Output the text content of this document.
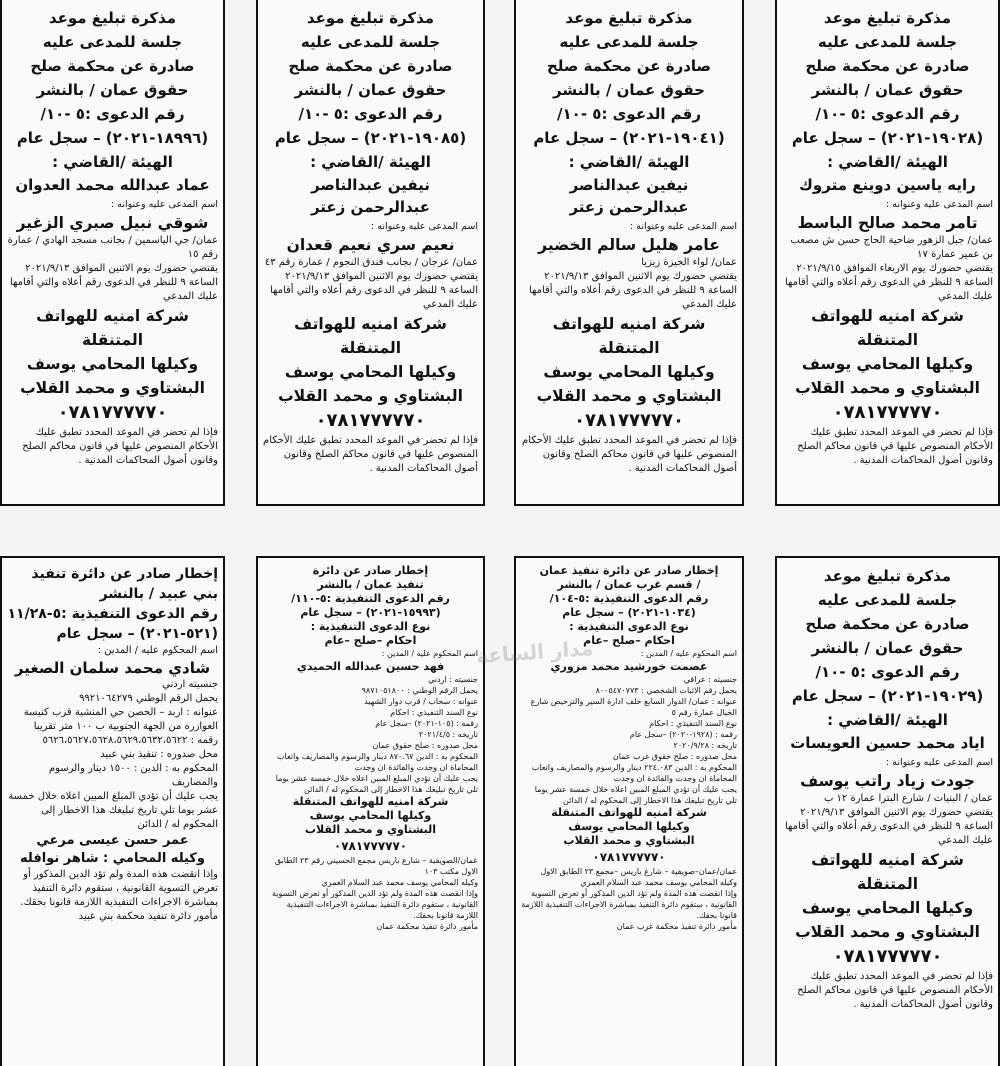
مذكرة تبليغ موعد
جلسة للمدعى عليه
صادرة عن محكمة صلح
حقوق عمان / بالنشر
رقم الدعوى :٥ -١٠/
(١٩٠٢٨-٢٠٢١) – سجل عام
الهيئة /القاضي :
رايه ياسين دوينع متروك
اسم المدعى عليه وعنوانه :
تامر محمد صالح الباسط
عمان/ جبل الزهور ضاحية الحاج حسن ش مصعب بن عمير عمارة ١٧
يقتضي حضورك يوم الاربعاء الموافق ٢٠٢١/٩/١٥ الساعة ٩ للنظر في الدعوى رقم أعلاه والتي أقامها عليك المدعي
شركة امنيه للهواتف المتنقلة
وكيلها المحامي يوسف
البشتاوي و محمد القلاب
٠٧٨١٧٧٧٧٧٠
فإذا لم تحضر في الموعد المحدد تطبق عليك الأحكام المنصوص عليها في قانون محاكم الصلح وقانون أصول المحاكمات المدنية .
مذكرة تبليغ موعد
جلسة للمدعى عليه
صادرة عن محكمة صلح
حقوق عمان / بالنشر
رقم الدعوى :٥ -١٠/
(١٩٠٤١-٢٠٢١) – سجل عام
الهيئة /القاضي :
نيفين عبدالناصر
عبدالرحمن زعتر
اسم المدعى عليه وعنوانه :
عامر هليل سالم الخضير
عمان/ لواء الجيزة زيزيا
يقتضي حضورك يوم الاثنين الموافق ٢٠٢١/٩/١٣ الساعة ٩ للنظر في الدعوى رقم أعلاه والتي أقامها عليك المدعي
شركة امنيه للهواتف المتنقلة
وكيلها المحامي يوسف
البشتاوي و محمد القلاب
٠٧٨١٧٧٧٧٧٠
فإذا لم تحضر في الموعد المحدد تطبق عليك الأحكام المنصوص عليها في قانون محاكم الصلح وقانون أصول المحاكمات المدنية .
مذكرة تبليغ موعد
جلسة للمدعى عليه
صادرة عن محكمة صلح
حقوق عمان / بالنشر
رقم الدعوى :٥ -١٠/
(١٩٠٨٥-٢٠٢١) – سجل عام
الهيئة /القاضي :
نيفين عبدالناصر
عبدالرحمن زعتر
اسم المدعى عليه وعنوانه :
نعيم سري نعيم قعدان
عمان/ عرجان / بجانب فندق النجوم / عمارة رقم ٤٣
يقتضي حضورك يوم الاثنين الموافق ٢٠٢١/٩/١٣ الساعة ٩ للنظر في الدعوى رقم أعلاه والتي أقامها عليك المدعي
شركة امنيه للهواتف المتنقلة
وكيلها المحامي يوسف
البشتاوي و محمد القلاب
٠٧٨١٧٧٧٧٧٠
فإذا لم تحضر في الموعد المحدد تطبق عليك الأحكام المنصوص عليها في قانون محاكم الصلح وقانون أصول المحاكمات المدنية .
مذكرة تبليغ موعد
جلسة للمدعى عليه
صادرة عن محكمة صلح
حقوق عمان / بالنشر
رقم الدعوى :٥ -١٠/
(١٨٩٩٦-٢٠٢١) – سجل عام
الهيئة /القاضي :
عماد عبدالله محمد العدوان
اسم المدعى عليه وعنوانه :
شوقي نبيل صبري الزغير
عمان/ حي الياسمين / بجانب مسجد الهادي / عمارة رقم ١٥
يقتضي حضورك يوم الاثنين الموافق ٢٠٢١/٩/١٣ الساعة ٩ للنظر في الدعوى رقم أعلاه والتي أقامها عليك المدعي
شركة امنيه للهواتف المتنقلة
وكيلها المحامي يوسف
البشتاوي و محمد القلاب
٠٧٨١٧٧٧٧٧٠
فإذا لم تحضر في الموعد المحدد تطبق عليك الأحكام المنصوص عليها في قانون محاكم الصلح وقانون أصول المحاكمات المدنية .
مذكرة تبليغ موعد
جلسة للمدعى عليه
صادرة عن محكمة صلح
حقوق عمان / بالنشر
رقم الدعوى :٥ -١٠/
(١٩٠٢٩-٢٠٢١) – سجل عام
الهيئة /القاضي :
اياد محمد حسين العويسات
اسم المدعى عليه وعنوانه :
جودت زياد راتب يوسف
عمان / البنيات / شارع البترا عمارة ١٢ ب
يقتضي حضورك يوم الاثنين الموافق ٢٠٢١/٩/١٣ الساعة ٩ للنظر في الدعوى رقم أعلاه والتي أقامها عليك المدعي
شركة امنيه للهواتف المتنقلة
وكيلها المحامي يوسف
البشتاوي و محمد القلاب
٠٧٨١٧٧٧٧٧٠
فإذا لم تحضر في الموعد المحدد تطبق عليك الأحكام المنصوص عليها في قانون محاكم الصلح وقانون أصول المحاكمات المدنية .
إخطار صادر عن دائرة تنفيذ عمان
/ قسم غرب عمان / بالنشر
رقم الدعوى التنفيذية :٥-١٠٤/
(١٠٣٤-٢٠٢١) – سجل عام
نوع الدعوى التنفيذية :
احكام –صلح –عام
اسم المحكوم عليه / المدين :
عصمت خورشيد محمد مزوري
جنسيته : عراقي
يحمل رقم الاثبات الشخصي : ٨٠٠٥٤٧٠٧٧٣
عنوانه : عمان/ الدوار السابع خلف ادارة السير والترخيص شارع الخيال عمارة رقم ٥
نوع السند التنفيذي : احكام
رقمه : (١٩٢٨-٢٠٢٠) –سجل عام
تاريخه : ٢٠٢٠/٩/٢٨
محل صدوره : صلح حقوق غرب عمان
المحكوم به : الدين ٢٢٤.٠٨٣ دينار والرسوم والمصاريف واتعاب المحاماة ان وجدت والفائدة ان وجدت
يجب عليك أن تؤدي المبلغ المبين اعلاه خلال خمسة عشر يوما تلي تاريخ تبليغك هذا الاخطار إلى المحكوم له / الدائن
شركة امنيه للهواتف المتنقلة
وكيلها المحامي يوسف
البشتاوي و محمد القلاب
٠٧٨١٧٧٧٧٧٠
عمان/عمان–صويفية – شارع باريس –مجمع ٢٣ الطابق الاول
وكيله المحامي يوسف محمد عبد السلام العمري
وإذا انقضت هذه المدة ولم تؤد الدين المذكور أو تعرض التسوية القانونية ، ستقوم دائرة التنفيذ بمباشرة الاجراءات التنفيذية اللازمة قانونا بحقك.
مأمور دائرة تنفيذ محكمة غرب عمان
إخطار صادر عن دائرة
تنفيذ عمان / بالنشر
رقم الدعوى التنفيذية :٥-١١٠/
(١٥٩٩٣-٢٠٢١) – سجل عام
نوع الدعوى التنفيذية :
احكام –صلح –عام
اسم المحكوم عليه / المدين :
فهد حسين عبدالله الحميدي
جنسيته : اردني
يحمل الرقم الوطني : ٩٨٧١٠٥١٨٠٠
عنوانه : سحاب / قرب دوار الشهيد
نوع السند التنفيذي : احكام
رقمه : (١٠٥-٢٠٢١) –سجل عام
تاريخه : ٢٠٢١/٤/٥
محل صدوره : صلح حقوق عمان
المحكوم به : الدين ٨٧٠.٦٧ دينار والرسوم والمصاريف واتعاب المحاماة ان وجدت والفائدة ان وجدت
يجب عليك أن تؤدي المبلغ المبين اعلاه خلال خمسة عشر يوما تلي تاريخ تبليغك هذا الاخطار إلى المحكوم له / الدائن
شركة امنيه للهواتف المتنقلة
وكيلها المحامي يوسف
البشتاوي و محمد القلاب
٠٧٨١٧٧٧٧٧٠
عمان/الصويفية – شارع باريس مجمع الحسيني رقم ٢٣ الطابق الاول مكتب ١٠٣
وكيله المحامي يوسف محمد عبد السلام العمري
وإذا انقضت هذه المدة ولم تؤد الدين المذكور أو تعرض التسوية القانونية ، ستقوم دائرة التنفيذ بمباشرة الاجراءات التنفيذية اللازمة قانونا بحقك.
مأمور دائرة تنفيذ محكمة عمان
إخطار صادر عن دائرة تنفيذ
بني عبيد / بالنشر
رقم الدعوى التنفيذية :٥-١١/٢٨
(٥٢١-٢٠٢١) – سجل عام
اسم المحكوم عليه / المدين :
شادي محمد سلمان الصغير
جنسيته اردني
يحمل الرقم الوطني ٩٩٢١٠٦٤٢٧٩
عنوانه : اربد – الحصن حي المنشية قرب كنيسة العوازره من الجهة الجنوبية ب ١٠٠ متر تقريبا
رقمه : ٥٦٢٦،٥٦٢٧،٥٦٢٨،٥٦٢٩،٥٦٣٢،٥٦٢٢
محل صدوره : تنفيذ بني عبيد
المحكوم به : الدين : ١٥٠٠ دينار والرسوم والمصاريف
يجب عليك أن تؤدي المبلغ المبين اعلاه خلال خمسة عشر يوما تلي تاريخ تبليغك هذا الاخطار إلى المحكوم له / الدائن
عمر حسن عيسى مرعي
وكيله المحامي : شاهر نوافله
وإذا انقضت هذه المدة ولم تؤد الدين المذكور أو تعرض التسوية القانونية ، ستقوم دائرة التنفيذ بمباشرة الاجراءات التنفيذية اللازمة قانونا بحقك.
مأمور دائرة تنفيذ محكمة بني عبيد
مدار الساعة
